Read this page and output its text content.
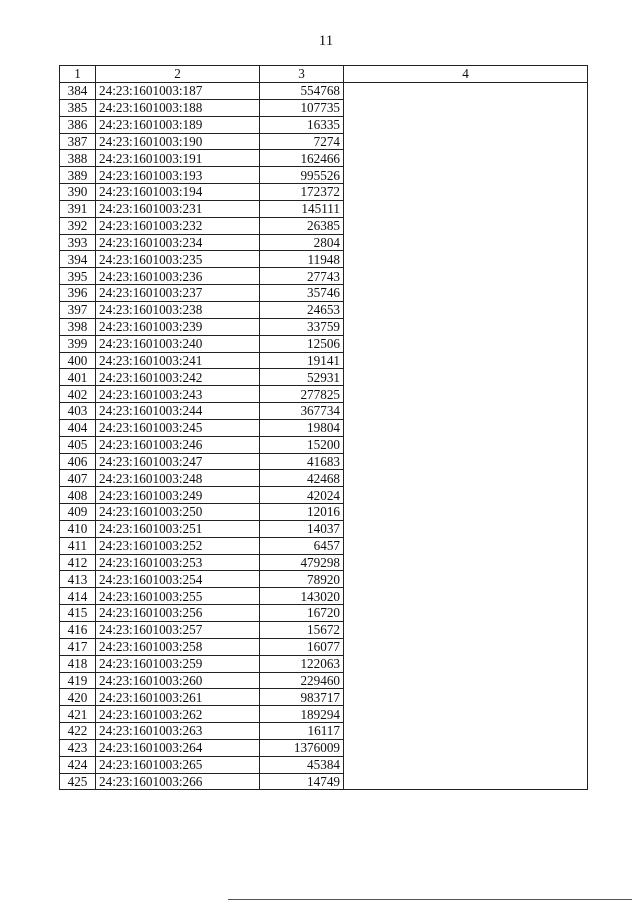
11
1	2	3	4
384	24:23:1601003:187	554768	
385	24:23:1601003:188	107735	
386	24:23:1601003:189	16335	
387	24:23:1601003:190	7274	
388	24:23:1601003:191	162466	
389	24:23:1601003:193	995526	
390	24:23:1601003:194	172372	
391	24:23:1601003:231	145111	
392	24:23:1601003:232	26385	
393	24:23:1601003:234	2804	
394	24:23:1601003:235	11948	
395	24:23:1601003:236	27743	
396	24:23:1601003:237	35746	
397	24:23:1601003:238	24653	
398	24:23:1601003:239	33759	
399	24:23:1601003:240	12506	
400	24:23:1601003:241	19141	
401	24:23:1601003:242	52931	
402	24:23:1601003:243	277825	
403	24:23:1601003:244	367734	
404	24:23:1601003:245	19804	
405	24:23:1601003:246	15200	
406	24:23:1601003:247	41683	
407	24:23:1601003:248	42468	
408	24:23:1601003:249	42024	
409	24:23:1601003:250	12016	
410	24:23:1601003:251	14037	
411	24:23:1601003:252	6457	
412	24:23:1601003:253	479298	
413	24:23:1601003:254	78920	
414	24:23:1601003:255	143020	
415	24:23:1601003:256	16720	
416	24:23:1601003:257	15672	
417	24:23:1601003:258	16077	
418	24:23:1601003:259	122063	
419	24:23:1601003:260	229460	
420	24:23:1601003:261	983717	
421	24:23:1601003:262	189294	
422	24:23:1601003:263	16117	
423	24:23:1601003:264	1376009	
424	24:23:1601003:265	45384	
425	24:23:1601003:266	14749	
